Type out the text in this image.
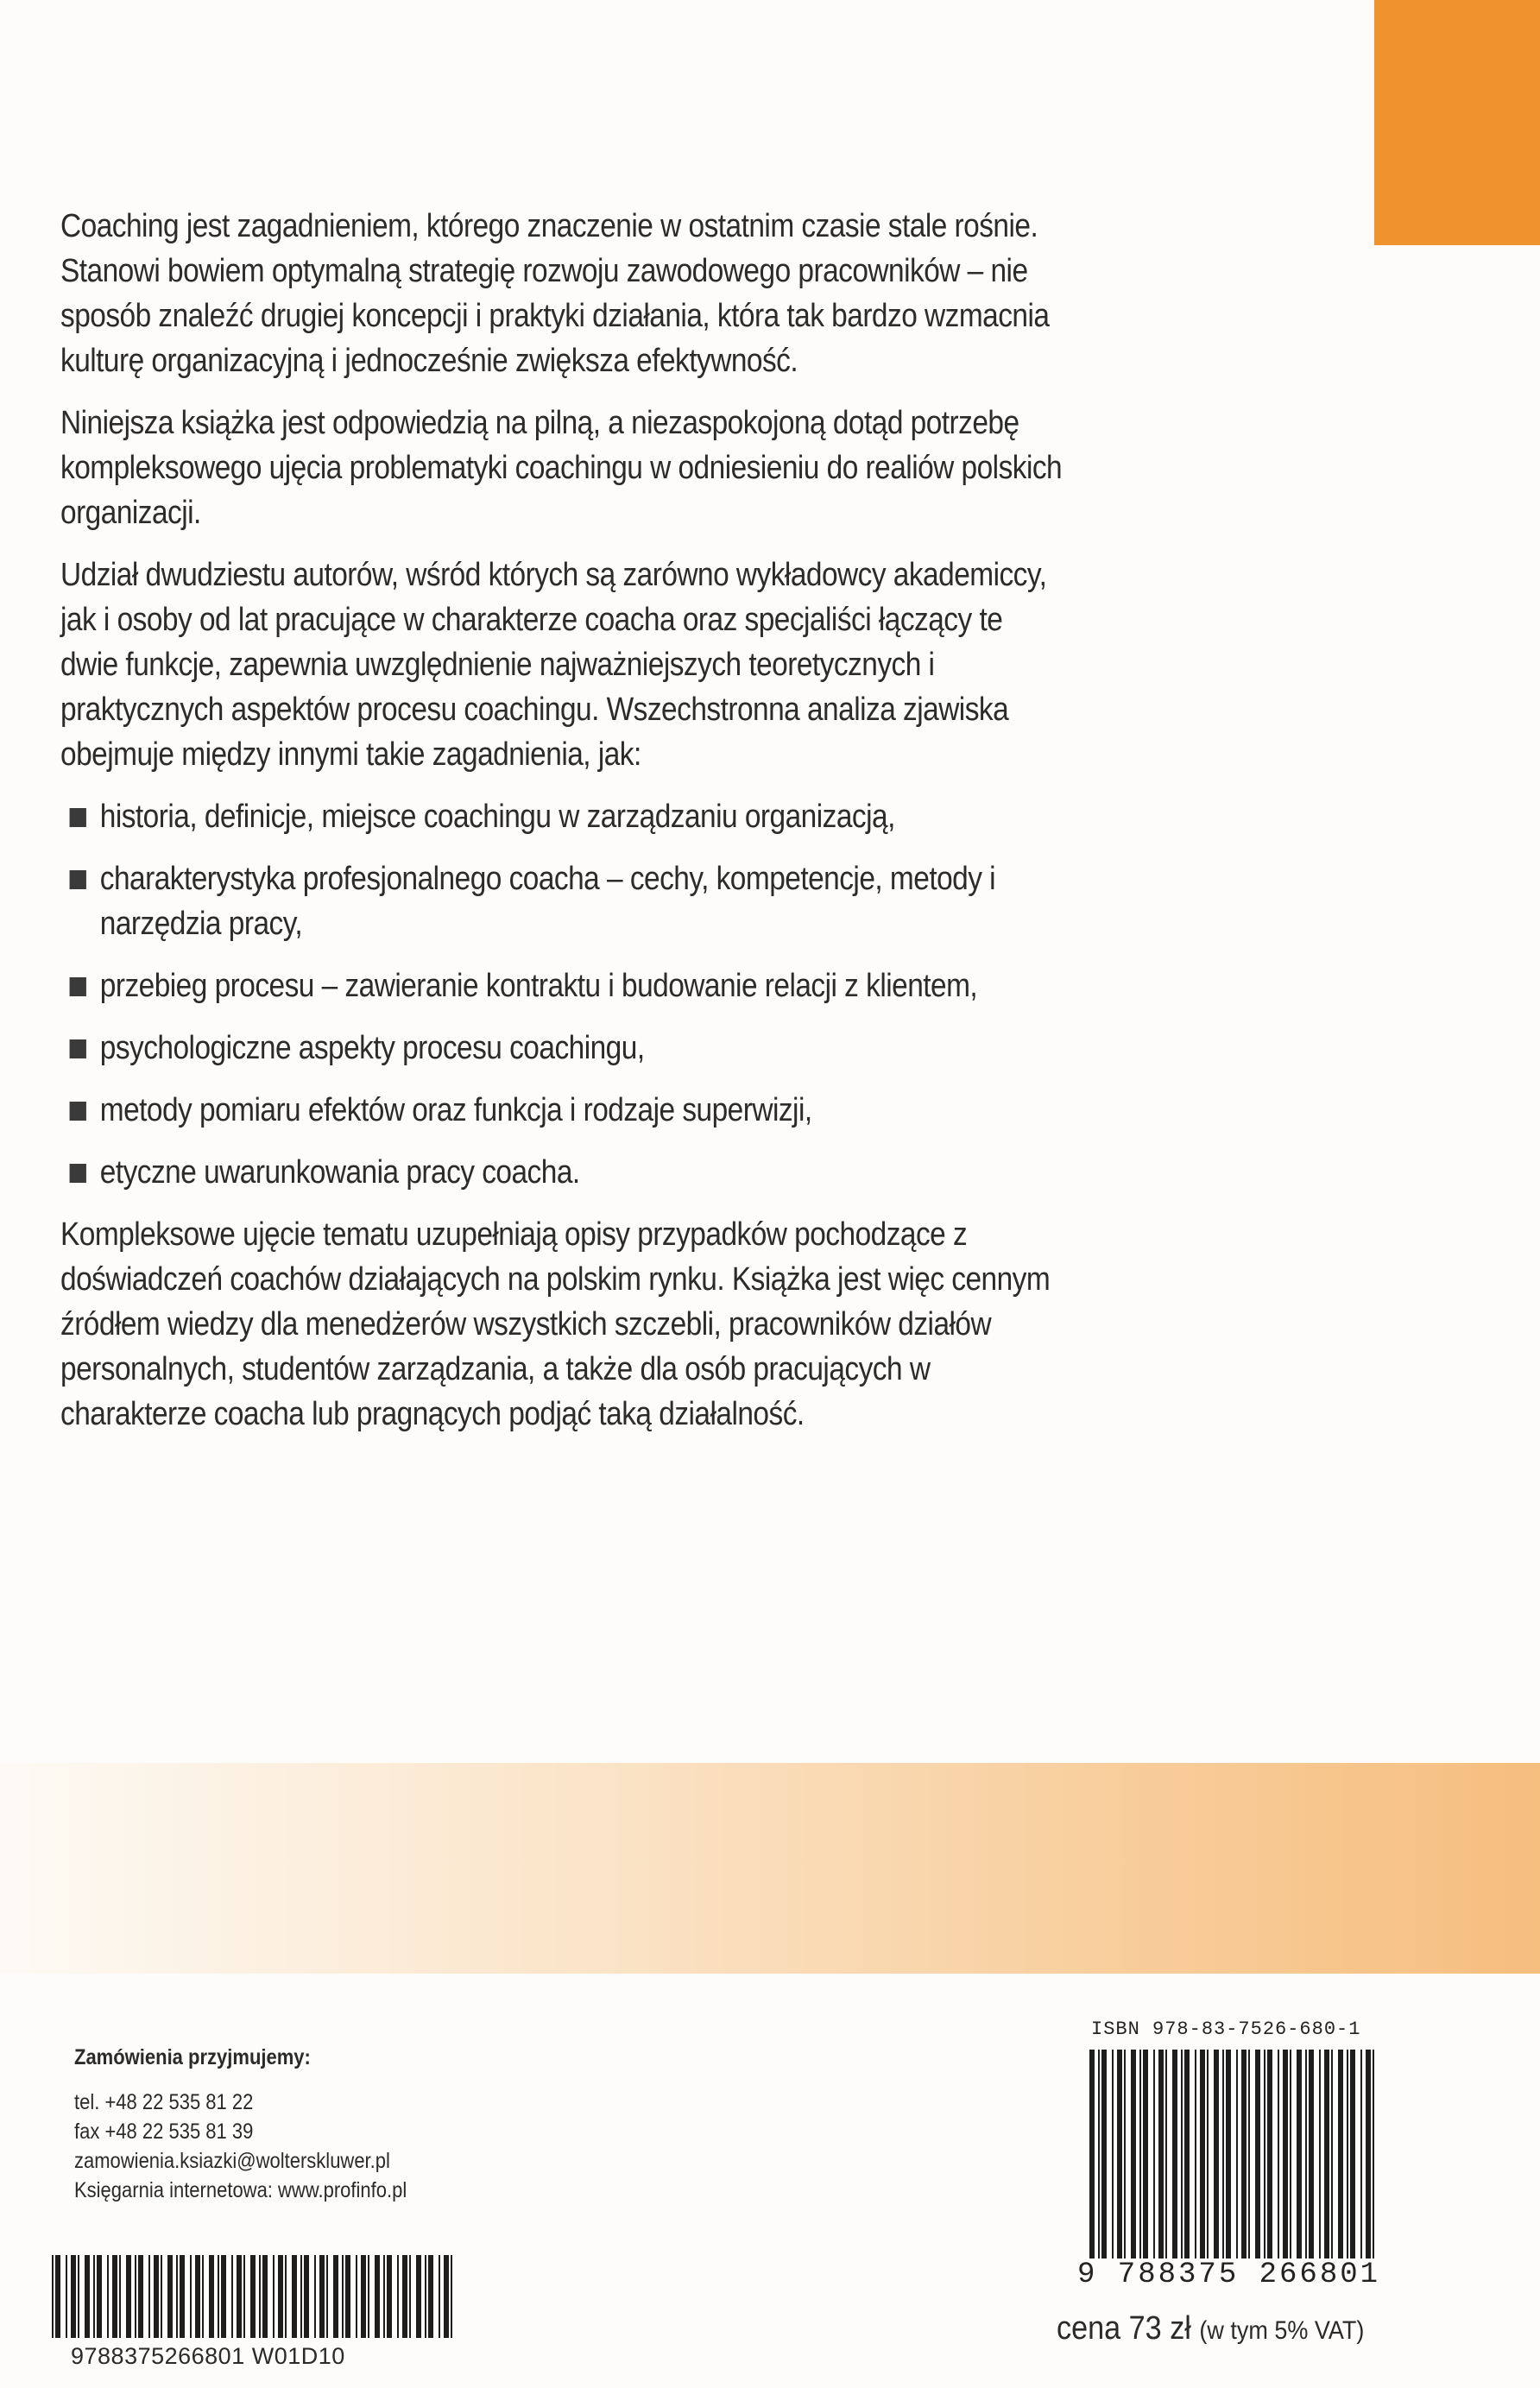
Coaching jest zagadnieniem, którego znaczenie w ostatnim czasie stale rośnie. Stanowi bowiem optymalną strategię rozwoju zawodowego pracowników – nie sposób znaleźć drugiej koncepcji i praktyki działania, która tak bardzo wzmacnia kulturę organizacyjną i jednocześnie zwiększa efektywność.

Niniejsza książka jest odpowiedzią na pilną, a niezaspokojoną dotąd potrzebę kompleksowego ujęcia problematyki coachingu w odniesieniu do realiów polskich organizacji.

Udział dwudziestu autorów, wśród których są zarówno wykładowcy akademiccy, jak i osoby od lat pracujące w charakterze coacha oraz specjaliści łączący te dwie funkcje, zapewnia uwzględnienie najważniejszych teoretycznych i praktycznych aspektów procesu coachingu. Wszechstronna analiza zjawiska obejmuje między innymi takie zagadnienia, jak:

historia, definicje, miejsce coachingu w zarządzaniu organizacją,
charakterystyka profesjonalnego coacha – cechy, kompetencje, metody i narzędzia pracy,
przebieg procesu – zawieranie kontraktu i budowanie relacji z klientem,
psychologiczne aspekty procesu coachingu,
metody pomiaru efektów oraz funkcja i rodzaje superwizji,
etyczne uwarunkowania pracy coacha.

Kompleksowe ujęcie tematu uzupełniają opisy przypadków pochodzące z doświadczeń coachów działających na polskim rynku. Książka jest więc cennym źródłem wiedzy dla menedżerów wszystkich szczebli, pracowników działów personalnych, studentów zarządzania, a także dla osób pracujących w charakterze coacha lub pragnących podjąć taką działalność.

Zamówienia przyjmujemy:
tel. +48 22 535 81 22
fax +48 22 535 81 39
zamowienia.ksiazki@wolterskluwer.pl
Księgarnia internetowa: www.profinfo.pl
ISBN 978-83-7526-680-1
9 788375 266801
cena 73 zł (w tym 5% VAT)
9788375266801 W01D10
